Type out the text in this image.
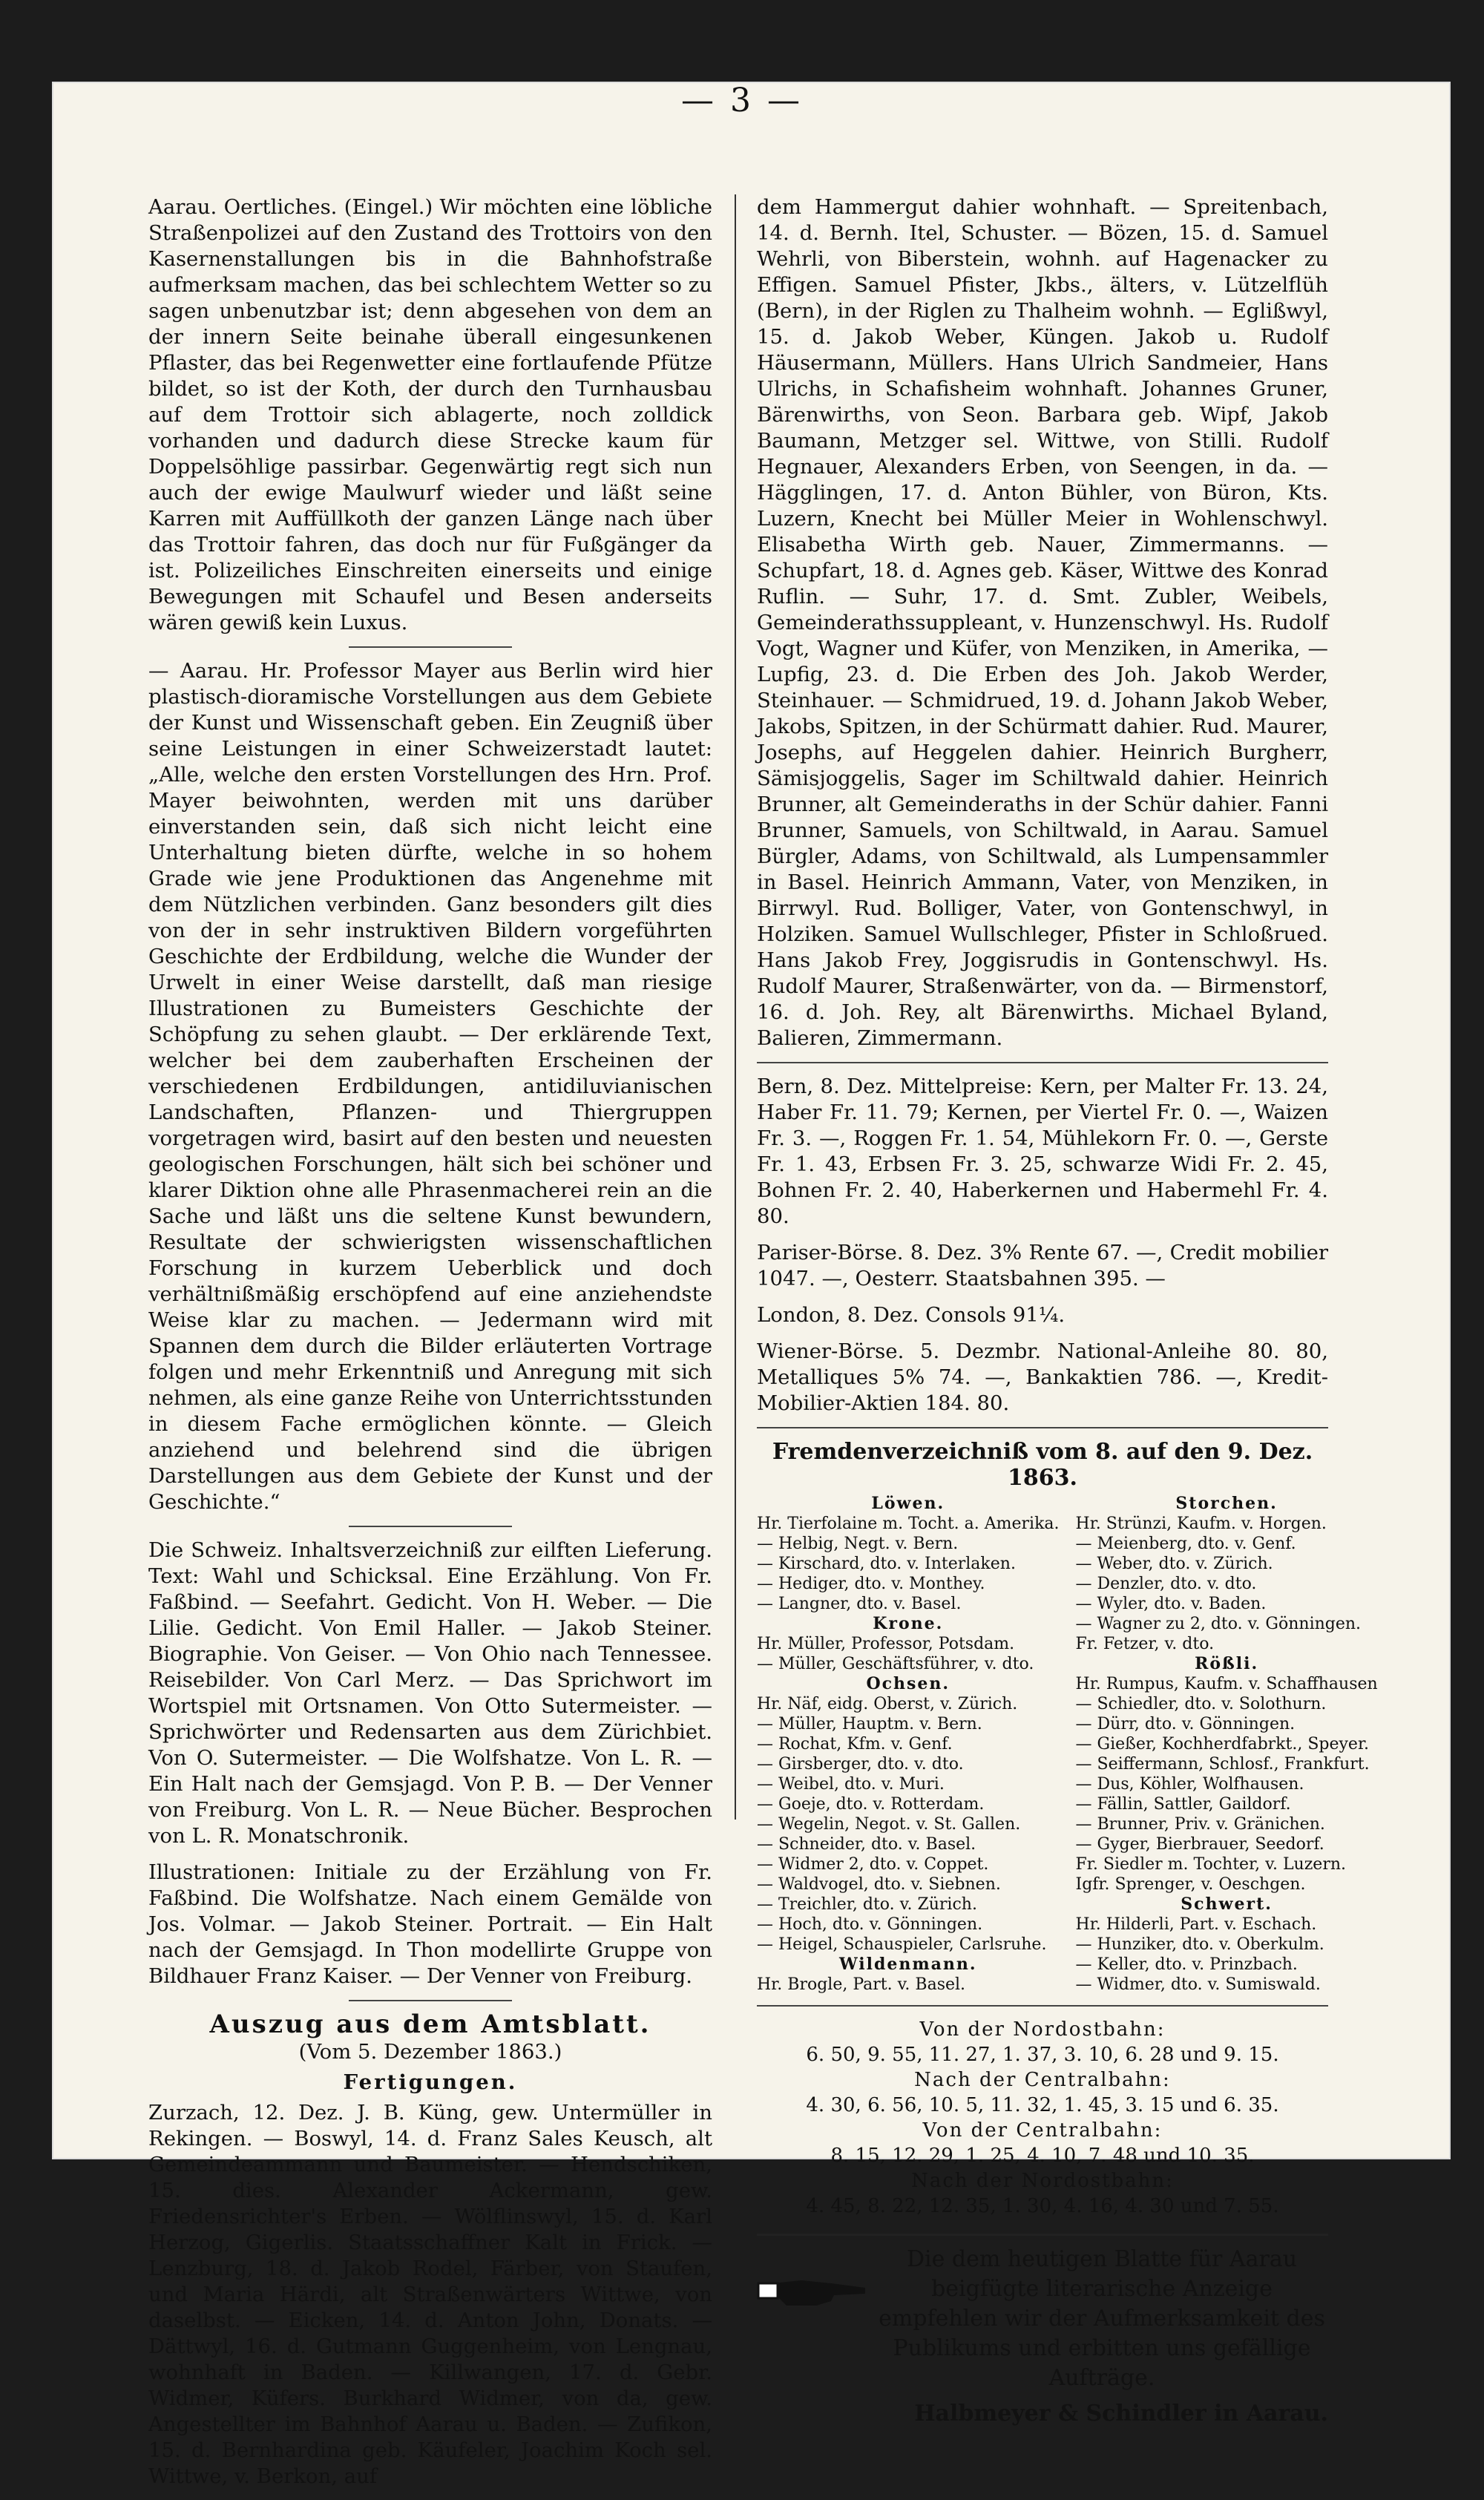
— 3 —

Aarau. Oertliches. (Eingel.) Wir möchten eine löbliche Straßenpolizei auf den Zustand des Trottoirs von den Kasernenstallungen bis in die Bahnhofstraße aufmerksam machen, das bei schlechtem Wetter so zu sagen unbenutzbar ist; denn abgesehen von dem an der innern Seite beinahe überall eingesunkenen Pflaster, das bei Regenwetter eine fortlaufende Pfütze bildet, so ist der Koth, der durch den Turnhausbau auf dem Trottoir sich ablagerte, noch zolldick vorhanden und dadurch diese Strecke kaum für Doppelsöhlige passirbar. Gegenwärtig regt sich nun auch der ewige Maulwurf wieder und läßt seine Karren mit Auffüllkoth der ganzen Länge nach über das Trottoir fahren, das doch nur für Fußgänger da ist. Polizeiliches Einschreiten einerseits und einige Bewegungen mit Schaufel und Besen anderseits wären gewiß kein Luxus.

— Aarau. Hr. Professor Mayer aus Berlin wird hier plastisch-dioramische Vorstellungen aus dem Gebiete der Kunst und Wissenschaft geben. Ein Zeugniß über seine Leistungen in einer Schweizerstadt lautet: „Alle, welche den ersten Vorstellungen des Hrn. Prof. Mayer beiwohnten, werden mit uns darüber einverstanden sein, daß sich nicht leicht eine Unterhaltung bieten dürfte, welche in so hohem Grade wie jene Produktionen das Angenehme mit dem Nützlichen verbinden. Ganz besonders gilt dies von der in sehr instruktiven Bildern vorgeführten Geschichte der Erdbildung, welche die Wunder der Urwelt in einer Weise darstellt, daß man riesige Illustrationen zu Bumeisters Geschichte der Schöpfung zu sehen glaubt. — Der erklärende Text, welcher bei dem zauberhaften Erscheinen der verschiedenen Erdbildungen, antidiluvianischen Landschaften, Pflanzen- und Thiergruppen vorgetragen wird, basirt auf den besten und neuesten geologischen Forschungen, hält sich bei schöner und klarer Diktion ohne alle Phrasenmacherei rein an die Sache und läßt uns die seltene Kunst bewundern, Resultate der schwierigsten wissenschaftlichen Forschung in kurzem Ueberblick und doch verhältnißmäßig erschöpfend auf eine anziehendste Weise klar zu machen. — Jedermann wird mit Spannen dem durch die Bilder erläuterten Vortrage folgen und mehr Erkenntniß und Anregung mit sich nehmen, als eine ganze Reihe von Unterrichtsstunden in diesem Fache ermöglichen könnte. — Gleich anziehend und belehrend sind die übrigen Darstellungen aus dem Gebiete der Kunst und der Geschichte.“

Die Schweiz. Inhaltsverzeichniß zur eilften Lieferung. Text: Wahl und Schicksal. Eine Erzählung. Von Fr. Faßbind. — Seefahrt. Gedicht. Von H. Weber. — Die Lilie. Gedicht. Von Emil Haller. — Jakob Steiner. Biographie. Von Geiser. — Von Ohio nach Tennessee. Reisebilder. Von Carl Merz. — Das Sprichwort im Wortspiel mit Ortsnamen. Von Otto Sutermeister. — Sprichwörter und Redensarten aus dem Zürichbiet. Von O. Sutermeister. — Die Wolfshatze. Von L. R. — Ein Halt nach der Gemsjagd. Von P. B. — Der Venner von Freiburg. Von L. R. — Neue Bücher. Besprochen von L. R. Monatschronik.

Illustrationen: Initiale zu der Erzählung von Fr. Faßbind. Die Wolfshatze. Nach einem Gemälde von Jos. Volmar. — Jakob Steiner. Portrait. — Ein Halt nach der Gemsjagd. In Thon modellirte Gruppe von Bildhauer Franz Kaiser. — Der Venner von Freiburg.

Auszug aus dem Amtsblatt.
(Vom 5. Dezember 1863.)
Fertigungen.

Zurzach, 12. Dez. J. B. Küng, gew. Untermüller in Rekingen. — Boswyl, 14. d. Franz Sales Keusch, alt Gemeindeammann und Baumeister. — Hendschiken, 15. dies. Alexander Ackermann, gew. Friedensrichter's Erben. — Wölflinswyl, 15. d. Karl Herzog, Gigerlis. Staatsschaffner Kalt in Frick. — Lenzburg, 18. d. Jakob Rodel, Färber, von Staufen, und Maria Härdi, alt Straßenwärters Wittwe, von daselbst. — Eicken, 14. d. Anton John, Donats. — Dättwyl, 16. d. Gutmann Guggenheim, von Lengnau, wohnhaft in Baden. — Killwangen, 17. d. Gebr. Widmer, Küfers. Burkhard Widmer, von da, gew. Angestellter im Bahnhof Aarau u. Baden. — Zufikon, 15. d. Bernhardina geb. Käufeler, Joachim Koch sel. Wittwe, v. Berkon, auf

dem Hammergut dahier wohnhaft. — Spreitenbach, 14. d. Bernh. Itel, Schuster. — Bözen, 15. d. Samuel Wehrli, von Biberstein, wohnh. auf Hagenacker zu Effigen. Samuel Pfister, Jkbs., älters, v. Lützelflüh (Bern), in der Riglen zu Thalheim wohnh. — Eglißwyl, 15. d. Jakob Weber, Küngen. Jakob u. Rudolf Häusermann, Müllers. Hans Ulrich Sandmeier, Hans Ulrichs, in Schafisheim wohnhaft. Johannes Gruner, Bärenwirths, von Seon. Barbara geb. Wipf, Jakob Baumann, Metzger sel. Wittwe, von Stilli. Rudolf Hegnauer, Alexanders Erben, von Seengen, in da. — Hägglingen, 17. d. Anton Bühler, von Büron, Kts. Luzern, Knecht bei Müller Meier in Wohlenschwyl. Elisabetha Wirth geb. Nauer, Zimmermanns. — Schupfart, 18. d. Agnes geb. Käser, Wittwe des Konrad Ruflin. — Suhr, 17. d. Smt. Zubler, Weibels, Gemeinderathssuppleant, v. Hunzenschwyl. Hs. Rudolf Vogt, Wagner und Küfer, von Menziken, in Amerika, — Lupfig, 23. d. Die Erben des Joh. Jakob Werder, Steinhauer. — Schmidrued, 19. d. Johann Jakob Weber, Jakobs, Spitzen, in der Schürmatt dahier. Rud. Maurer, Josephs, auf Heggelen dahier. Heinrich Burgherr, Sämisjoggelis, Sager im Schiltwald dahier. Heinrich Brunner, alt Gemeinderaths in der Schür dahier. Fanni Brunner, Samuels, von Schiltwald, in Aarau. Samuel Bürgler, Adams, von Schiltwald, als Lumpensammler in Basel. Heinrich Ammann, Vater, von Menziken, in Birrwyl. Rud. Bolliger, Vater, von Gontenschwyl, in Holziken. Samuel Wullschleger, Pfister in Schloßrued. Hans Jakob Frey, Joggisrudis in Gontenschwyl. Hs. Rudolf Maurer, Straßenwärter, von da. — Birmenstorf, 16. d. Joh. Rey, alt Bärenwirths. Michael Byland, Balieren, Zimmermann.

Bern, 8. Dez. Mittelpreise: Kern, per Malter Fr. 13. 24, Haber Fr. 11. 79; Kernen, per Viertel Fr. 0. —, Waizen Fr. 3. —, Roggen Fr. 1. 54, Mühlekorn Fr. 0. —, Gerste Fr. 1. 43, Erbsen Fr. 3. 25, schwarze Widi Fr. 2. 45, Bohnen Fr. 2. 40, Haberkernen und Habermehl Fr. 4. 80.

Pariser-Börse. 8. Dez. 3% Rente 67. —, Credit mobilier 1047. —, Oesterr. Staatsbahnen 395. —

London, 8. Dez. Consols 91¼.

Wiener-Börse. 5. Dezmbr. National-Anleihe 80. 80, Metalliques 5% 74. —, Bankaktien 786. —, Kredit-Mobilier-Aktien 184. 80.

Fremdenverzeichniß vom 8. auf den 9. Dez. 1863.
Löwen.
Hr. Tierfolaine m. Tocht. a. Amerika.
— Helbig, Negt. v. Bern.
— Kirschard, dto. v. Interlaken.
— Hediger, dto. v. Monthey.
— Langner, dto. v. Basel.
Krone.
Hr. Müller, Professor, Potsdam.
— Müller, Geschäftsführer, v. dto.
Ochsen.
Hr. Näf, eidg. Oberst, v. Zürich.
— Müller, Hauptm. v. Bern.
— Rochat, Kfm. v. Genf.
— Girsberger, dto. v. dto.
— Weibel, dto. v. Muri.
— Goeje, dto. v. Rotterdam.
— Wegelin, Negot. v. St. Gallen.
— Schneider, dto. v. Basel.
— Widmer 2, dto. v. Coppet.
— Waldvogel, dto. v. Siebnen.
— Treichler, dto. v. Zürich.
— Hoch, dto. v. Gönningen.
— Heigel, Schauspieler, Carlsruhe.
Wildenmann.
Hr. Brogle, Part. v. Basel.
Storchen.
Hr. Strünzi, Kaufm. v. Horgen.
— Meienberg, dto. v. Genf.
— Weber, dto. v. Zürich.
— Denzler, dto. v. dto.
— Wyler, dto. v. Baden.
— Wagner zu 2, dto. v. Gönningen.
Fr. Fetzer, v. dto.
Rößli.
Hr. Rumpus, Kaufm. v. Schaffhausen
— Schiedler, dto. v. Solothurn.
— Dürr, dto. v. Gönningen.
— Gießer, Kochherdfabrkt., Speyer.
— Seiffermann, Schlosf., Frankfurt.
— Dus, Köhler, Wolfhausen.
— Fällin, Sattler, Gaildorf.
— Brunner, Priv. v. Gränichen.
— Gyger, Bierbrauer, Seedorf.
Fr. Siedler m. Tochter, v. Luzern.
Igfr. Sprenger, v. Oeschgen.
Schwert.
Hr. Hilderli, Part. v. Eschach.
— Hunziker, dto. v. Oberkulm.
— Keller, dto. v. Prinzbach.
— Widmer, dto. v. Sumiswald.
Von der Nordostbahn:
6. 50, 9. 55, 11. 27, 1. 37, 3. 10, 6. 28 und 9. 15.
Nach der Centralbahn:
4. 30, 6. 56, 10. 5, 11. 32, 1. 45, 3. 15 und 6. 35.
Von der Centralbahn:
8. 15, 12. 29, 1. 25, 4. 10, 7. 48 und 10. 35.
Nach der Nordostbahn:
4. 45, 8. 22, 12. 35, 1. 30, 4. 16, 4. 30 und 7. 55.
Die dem heutigen Blatte für Aarau beigfügte literarische Anzeige empfehlen wir der Aufmerksamkeit des Publikums und erbitten uns gefällige Aufträge.
Halbmeyer & Schindler in Aarau.
